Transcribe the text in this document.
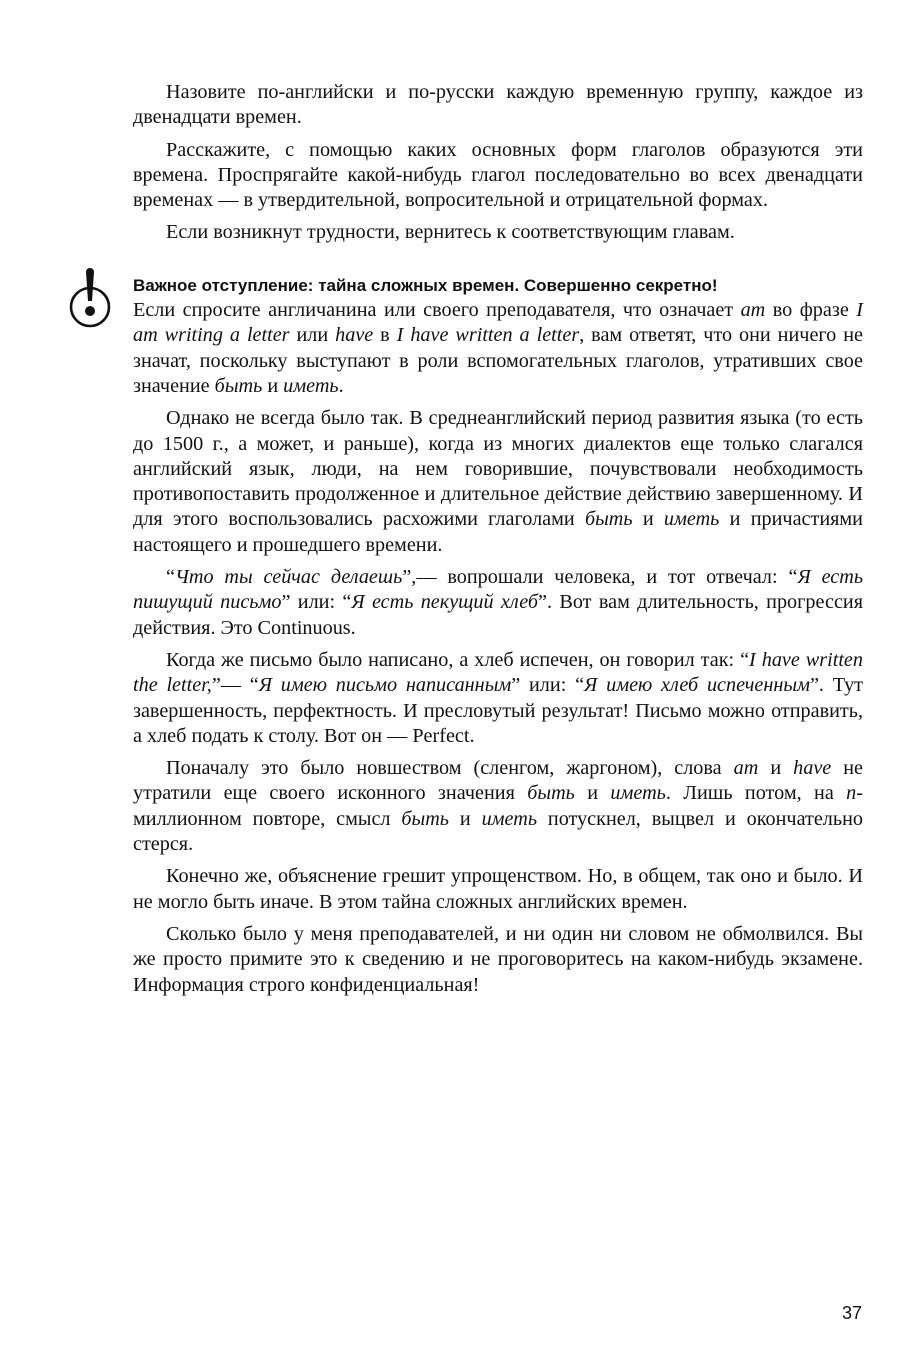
Назовите по-английски и по-русски каждую временную группу, каждое из двенадцати времен.

Расскажите, с помощью каких основных форм глаголов образуются эти времена. Проспрягайте какой-нибудь глагол последовательно во всех двенадцати временах — в утвердительной, вопросительной и отрицательной формах.

Если возникнут трудности, вернитесь к соответствующим главам.

Важное отступление: тайна сложных времен. Совершенно секретно!

Если спросите англичанина или своего преподавателя, что означает am во фразе I am writing a letter или have в I have written a letter, вам ответят, что они ничего не значат, поскольку выступают в роли вспомогательных глаголов, утративших свое значение быть и иметь.

Однако не всегда было так. В среднеанглийский период развития языка (то есть до 1500 г., а может, и раньше), когда из многих диалектов еще только слагался английский язык, люди, на нем говорившие, почувствовали необходимость противопоставить продолженное и длительное действие действию завершенному. И для этого воспользовались расхожими глаголами быть и иметь и причастиями настоящего и прошедшего времени.

“Что ты сейчас делаешь”,— вопрошали человека, и тот отвечал: “Я есть пишущий письмо” или: “Я есть пекущий хлеб”. Вот вам длительность, прогрессия действия. Это Continuous.

Когда же письмо было написано, а хлеб испечен, он говорил так: “I have written the letter,”— “Я имею письмо написанным” или: “Я имею хлеб испеченным”. Тут завершенность, перфектность. И пресловутый результат! Письмо можно отправить, а хлеб подать к столу. Вот он — Perfect.

Поначалу это было новшеством (сленгом, жаргоном), слова am и have не утратили еще своего исконного значения быть и иметь. Лишь потом, на n-миллионном повторе, смысл быть и иметь потускнел, выцвел и окончательно стерся.

Конечно же, объяснение грешит упрощенством. Но, в общем, так оно и было. И не могло быть иначе. В этом тайна сложных английских времен.

Сколько было у меня преподавателей, и ни один ни словом не обмолвился. Вы же просто примите это к сведению и не проговоритесь на каком-нибудь экзамене. Информация строго конфиденциальная!

37
